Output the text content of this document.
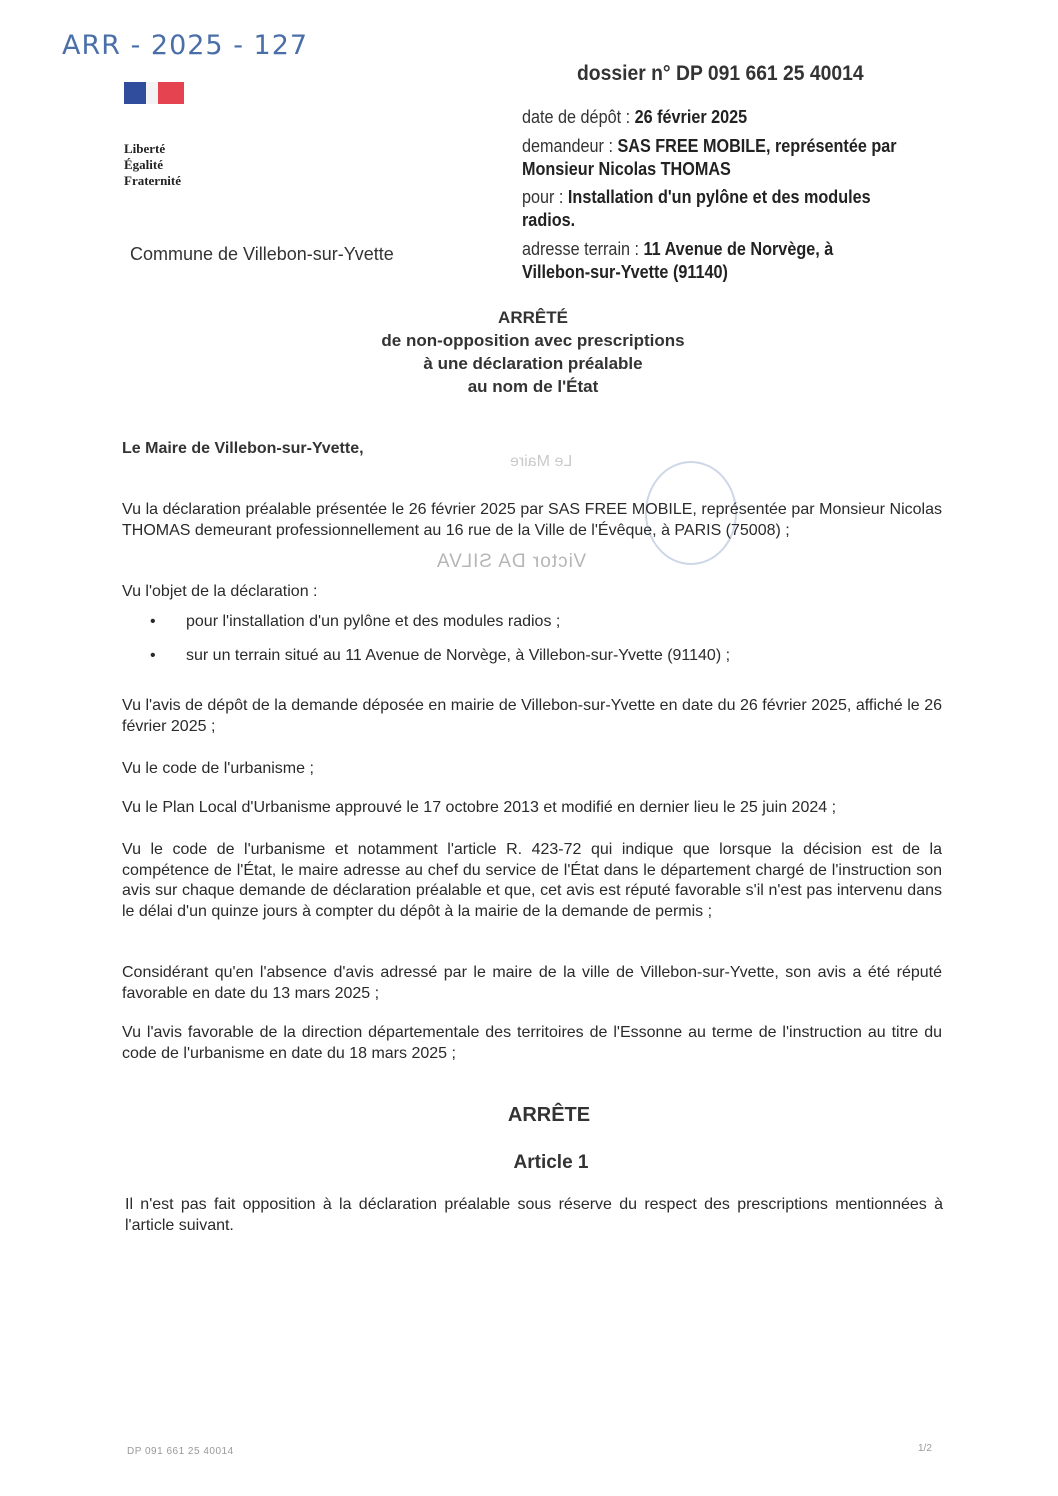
ARR - 2025 - 127
Liberté
Égalité
Fraternité
Commune de Villebon-sur-Yvette
dossier n° DP 091 661 25 40014
date de dépôt : 26 février 2025
demandeur : SAS FREE MOBILE, représentée par Monsieur Nicolas THOMAS
pour : Installation d'un pylône et des modules radios.
adresse terrain : 11 Avenue de Norvège, à Villebon-sur-Yvette (91140)
ARRÊTÉ
de non-opposition avec prescriptions
à une déclaration préalable
au nom de l'État
Le Maire
Victor DA SILVA
Le Maire de Villebon-sur-Yvette,
Vu la déclaration préalable présentée le 26 février 2025 par SAS FREE MOBILE, représentée par Monsieur Nicolas THOMAS demeurant professionnellement au 16 rue de la Ville de l'Évêque, à PARIS (75008) ;
Vu l'objet de la déclaration :
• pour l'installation d'un pylône et des modules radios ;
• sur un terrain situé au 11 Avenue de Norvège, à Villebon-sur-Yvette (91140) ;
Vu l'avis de dépôt de la demande déposée en mairie de Villebon-sur-Yvette en date du 26 février 2025, affiché le 26 février 2025 ;
Vu le code de l'urbanisme ;
Vu le Plan Local d'Urbanisme approuvé le 17 octobre 2013 et modifié en dernier lieu le 25 juin 2024 ;
Vu le code de l'urbanisme et notamment l'article R. 423-72 qui indique que lorsque la décision est de la compétence de l'État, le maire adresse au chef du service de l'État dans le département chargé de l'instruction son avis sur chaque demande de déclaration préalable et que, cet avis est réputé favorable s'il n'est pas intervenu dans le délai d'un quinze jours à compter du dépôt à la mairie de la demande de permis ;
Considérant qu'en l'absence d'avis adressé par le maire de la ville de Villebon-sur-Yvette, son avis a été réputé favorable en date du 13 mars 2025 ;
Vu l'avis favorable de la direction départementale des territoires de l'Essonne au terme de l'instruction au titre du code de l'urbanisme en date du 18 mars 2025 ;
ARRÊTE
Article 1
Il n'est pas fait opposition à la déclaration préalable sous réserve du respect des prescriptions mentionnées à l'article suivant.
DP 091 661 25 40014	1/2
